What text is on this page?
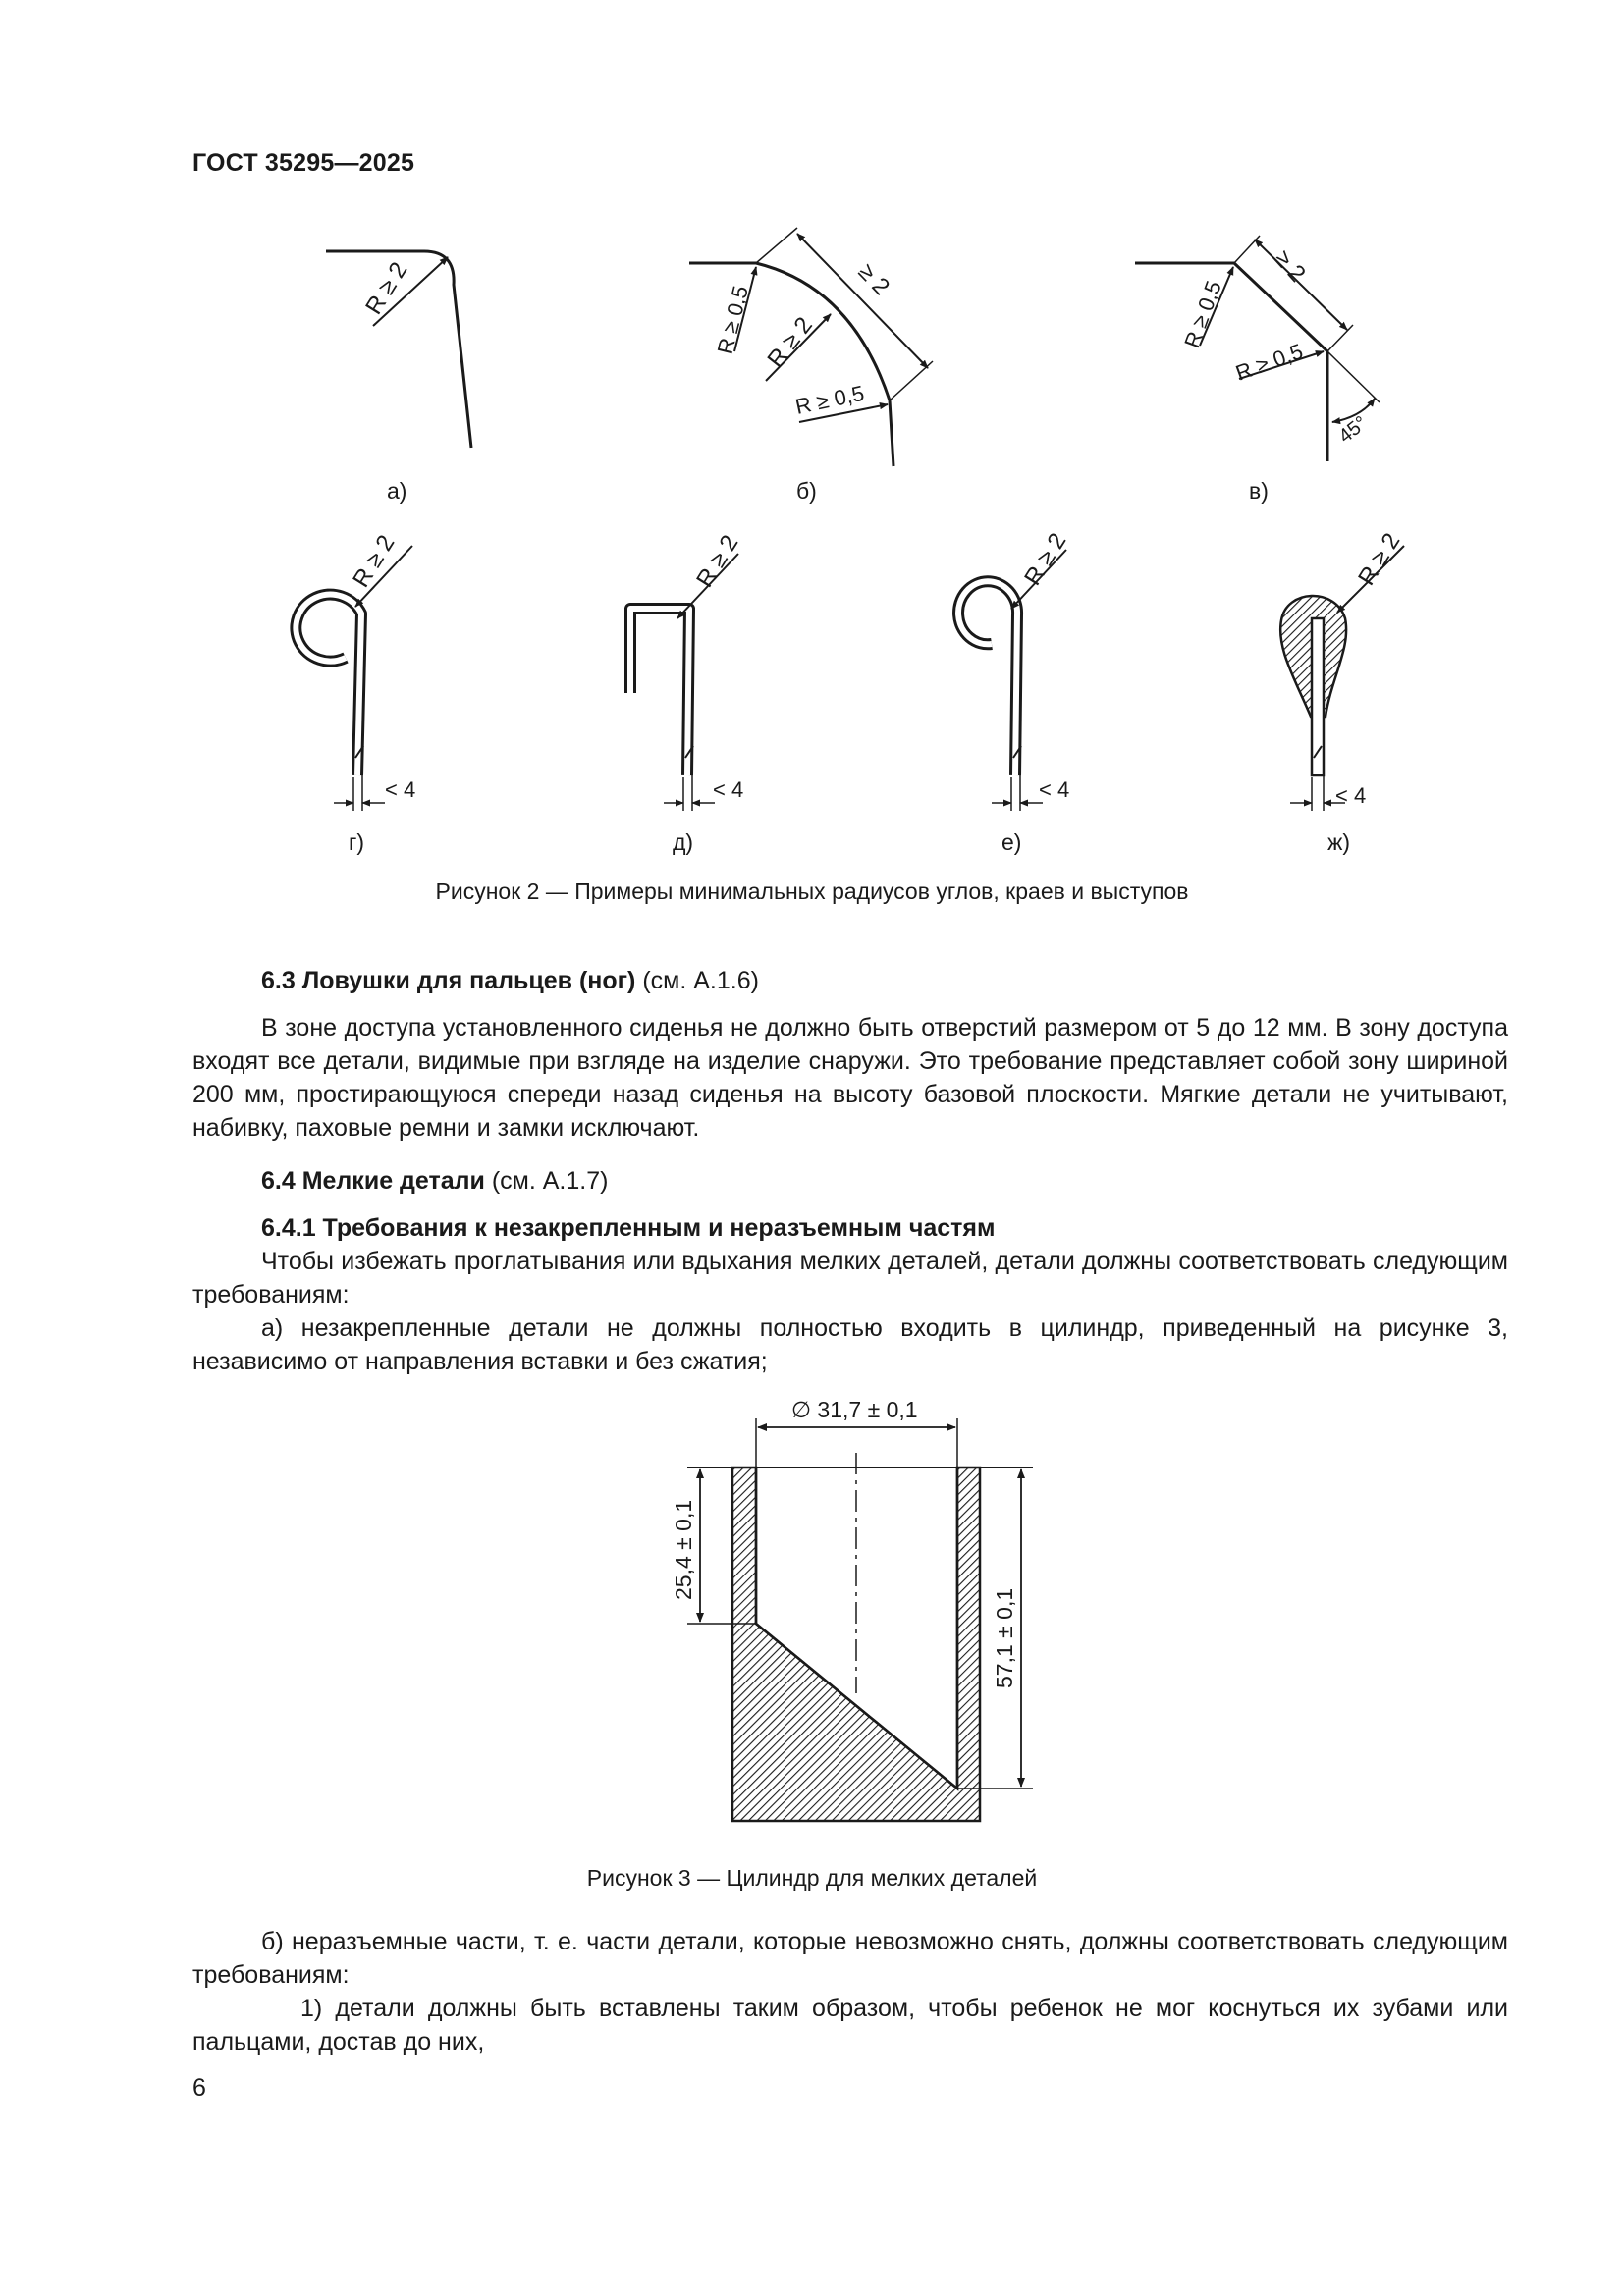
ГОСТ 35295—2025
R ≥ 2
а)
≥ 2
R ≥ 0,5 R ≥ 2
R ≥ 0,5
б)
≥ 2
R ≥ 0,5
R ≥ 0,5
45°
в)
< 4
R ≥ 2
г)
< 4
R ≥ 2
д)
< 4
R ≥ 2
е)
< 4
R ≥ 2
ж)
Рисунок 2 — Примеры минимальных радиусов углов, краев и выступов

6.3 Ловушки для пальцев (ног) (см. А.1.6)

В зоне доступа установленного сиденья не должно быть отверстий размером от 5 до 12 мм. В зону доступа входят все детали, видимые при взгляде на изделие снаружи. Это требование представляет собой зону шириной 200 мм, простирающуюся спереди назад сиденья на высоту базовой плоскости. Мягкие детали не учитывают, набивку, паховые ремни и замки исключают.

6.4 Мелкие детали (см. А.1.7)

6.4.1 Требования к незакрепленным и неразъемным частям

Чтобы избежать проглатывания или вдыхания мелких деталей, детали должны соответствовать следующим требованиям:

а) незакрепленные детали не должны полностью входить в цилиндр, приведенный на рисунке 3, независимо от направления вставки и без сжатия;

∅ 31,7 ± 0,1
25,4 ± 0,1
57,1 ± 0,1
Рисунок 3 — Цилиндр для мелких деталей

б) неразъемные части, т. е. части детали, которые невозможно снять, должны соответствовать следующим требованиям:

1) детали должны быть вставлены таким образом, чтобы ребенок не мог коснуться их зубами или пальцами, достав до них,

6
